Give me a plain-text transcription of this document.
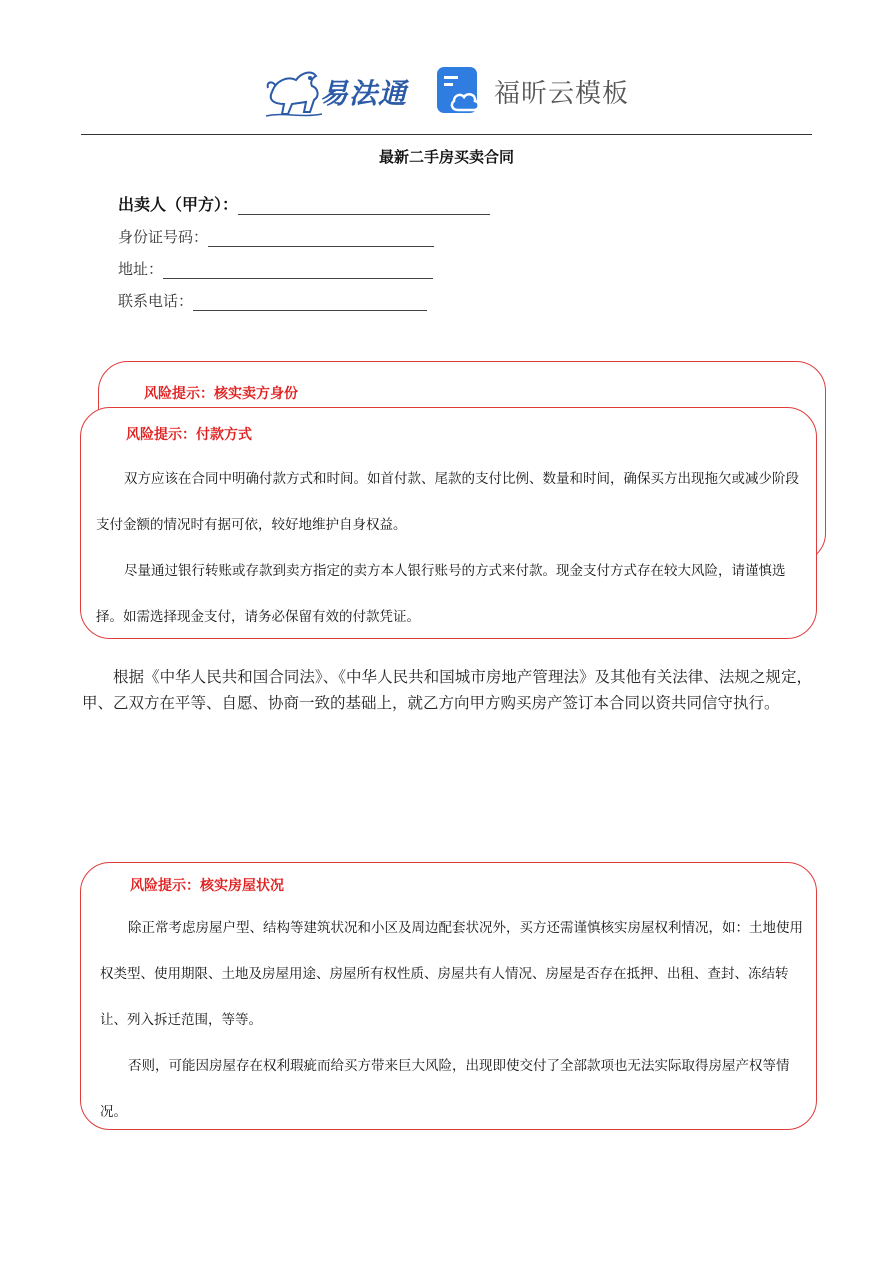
易法通	福昕云模板
最新二手房买卖合同
出卖人（甲方）：
身份证号码：
地址：
联系电话：
风险提示：核实卖方身份
风险提示：付款方式

双方应该在合同中明确付款方式和时间。如首付款、尾款的支付比例、数量和时间，确保买方出现拖欠或减少阶段支付金额的情况时有据可依，较好地维护自身权益。

尽量通过银行转账或存款到卖方指定的卖方本人银行账号的方式来付款。现金支付方式存在较大风险，请谨慎选择。如需选择现金支付，请务必保留有效的付款凭证。

根据《中华人民共和国合同法》、《中华人民共和国城市房地产管理法》及其他有关法律、法规之规定，甲、乙双方在平等、自愿、协商一致的基础上，就乙方向甲方购买房产签订本合同以资共同信守执行。

风险提示：核实房屋状况

除正常考虑房屋户型、结构等建筑状况和小区及周边配套状况外，买方还需谨慎核实房屋权利情况，如：土地使用权类型、使用期限、土地及房屋用途、房屋所有权性质、房屋共有人情况、房屋是否存在抵押、出租、查封、冻结转让、列入拆迁范围，等等。

否则，可能因房屋存在权利瑕疵而给买方带来巨大风险，出现即使交付了全部款项也无法实际取得房屋产权等情况。
